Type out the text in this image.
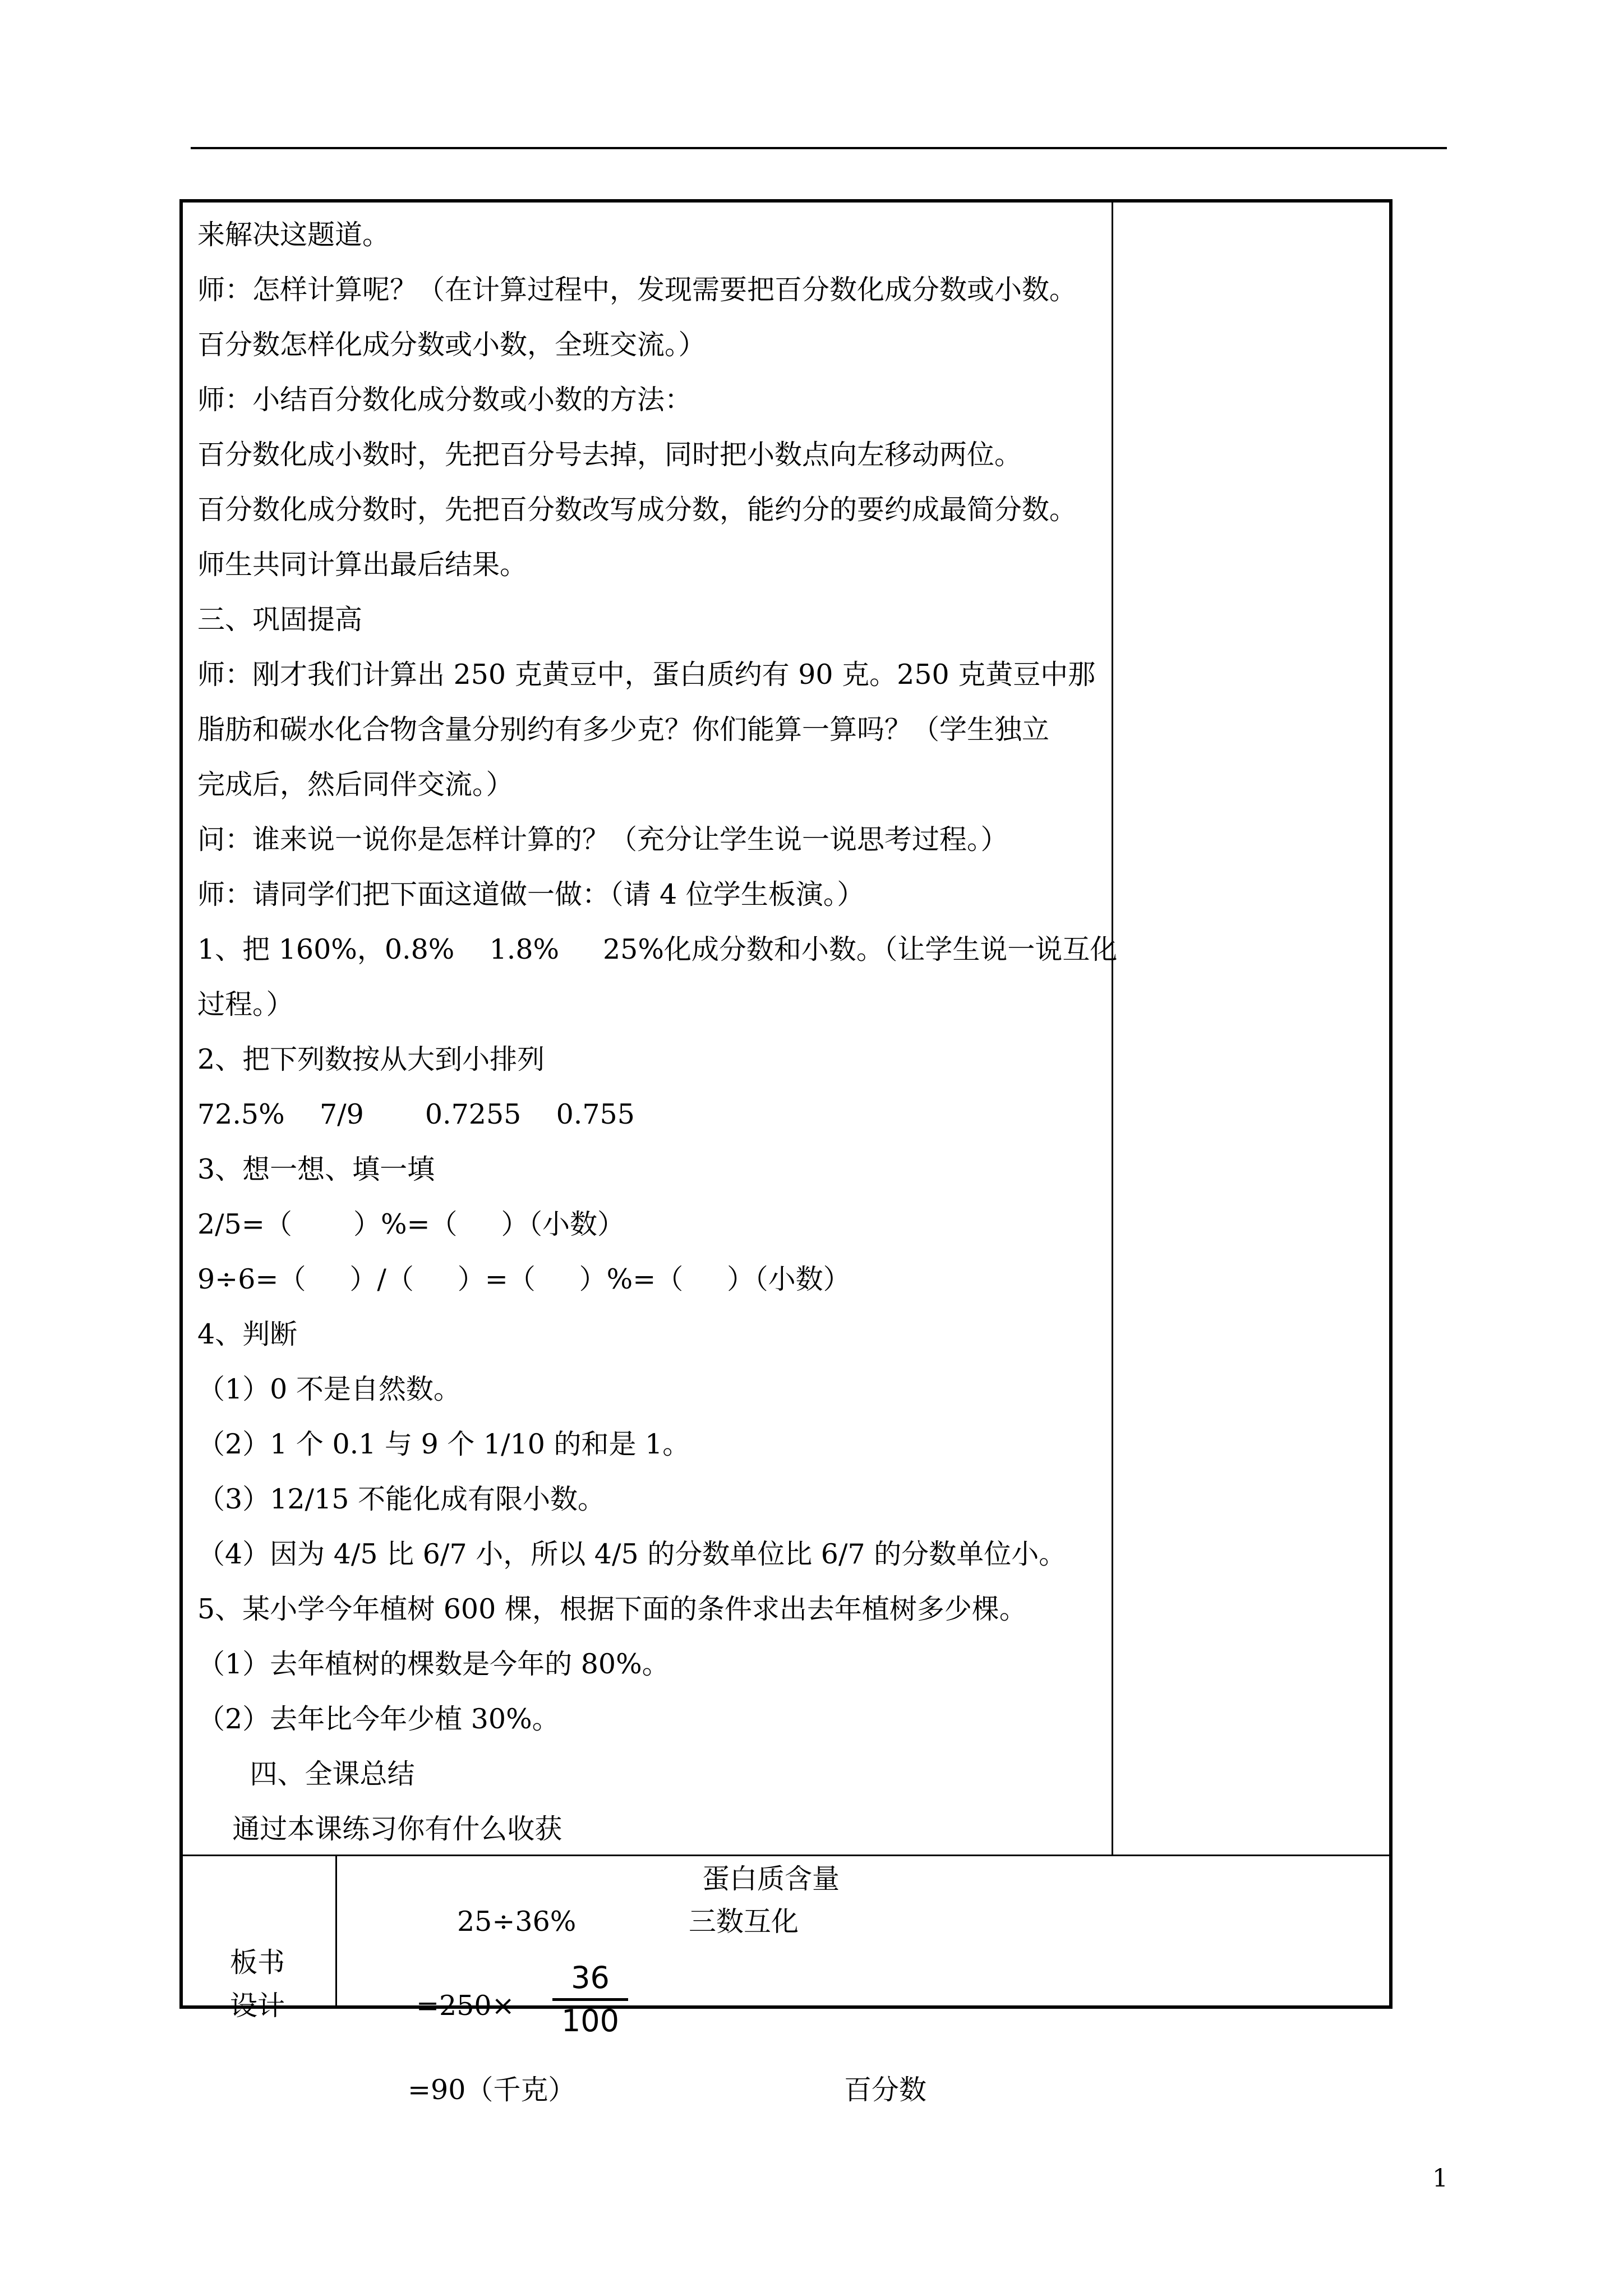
来解决这题道。
师：怎样计算呢？（在计算过程中，发现需要把百分数化成分数或小数。
百分数怎样化成分数或小数，全班交流。）
师：小结百分数化成分数或小数的方法：
百分数化成小数时，先把百分号去掉，同时把小数点向左移动两位。
百分数化成分数时，先把百分数改写成分数，能约分的要约成最简分数。
师生共同计算出最后结果。
三、巩固提高
师：刚才我们计算出 250 克黄豆中，蛋白质约有 90 克。250 克黄豆中那
脂肪和碳水化合物含量分别约有多少克？你们能算一算吗？（学生独立
完成后，然后同伴交流。）
问：谁来说一说你是怎样计算的？（充分让学生说一说思考过程。）
师：请同学们把下面这道做一做：（请 4 位学生板演。）
1、把 160%，0.8%    1.8%     25%化成分数和小数。（让学生说一说互化
过程。）
2、把下列数按从大到小排列
72.5%    7/9       0.7255    0.755
3、想一想、填一填
2/5=（       ）%=（     ）（小数）
9÷6=（     ）/（     ）=（     ）%=（     ）（小数）
4、判断
（1）0 不是自然数。
（2）1 个 0.1 与 9 个 1/10 的和是 1。
（3）12/15 不能化成有限小数。
（4）因为 4/5 比 6/7 小，所以 4/5 的分数单位比 6/7 的分数单位小。
5、某小学今年植树 600 棵，根据下面的条件求出去年植树多少棵。
（1）去年植树的棵数是今年的 80%。
（2）去年比今年少植 30%。
四、全课总结
通过本课练习你有什么收获
板书
设计
蛋白质含量
25÷36%	三数互化
=250×
36
100
=90（千克）	百分数
1
